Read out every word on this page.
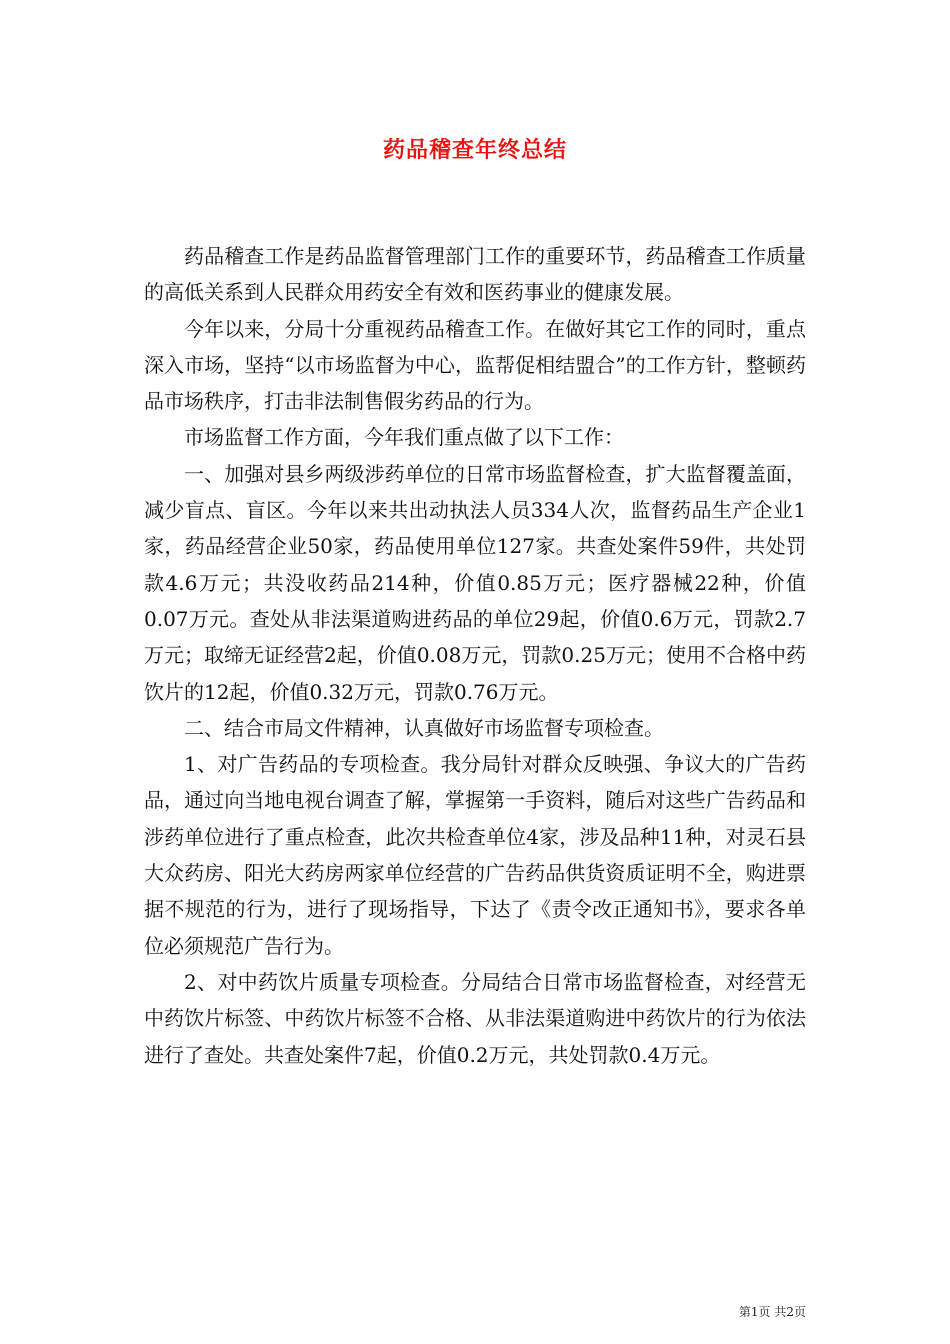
药品稽查年终总结

药品稽查工作是药品监督管理部门工作的重要环节，药品稽查工作质量的高低关系到人民群众用药安全有效和医药事业的健康发展。

今年以来，分局十分重视药品稽查工作。在做好其它工作的同时，重点深入市场，坚持“以市场监督为中心，监帮促相结盟合”的工作方针，整顿药品市场秩序，打击非法制售假劣药品的行为。

市场监督工作方面，今年我们重点做了以下工作：

一、加强对县乡两级涉药单位的日常市场监督检查，扩大监督覆盖面，减少盲点、盲区。今年以来共出动执法人员334人次，监督药品生产企业1家，药品经营企业50家，药品使用单位127家。共查处案件59件，共处罚款4.6万元；共没收药品214种，价值0.85万元；医疗器械22种，价值0.07万元。查处从非法渠道购进药品的单位29起，价值0.6万元，罚款2.7万元；取缔无证经营2起，价值0.08万元，罚款0.25万元；使用不合格中药饮片的12起，价值0.32万元，罚款0.76万元。

二、结合市局文件精神，认真做好市场监督专项检查。

1、对广告药品的专项检查。我分局针对群众反映强、争议大的广告药品，通过向当地电视台调查了解，掌握第一手资料，随后对这些广告药品和涉药单位进行了重点检查，此次共检查单位4家，涉及品种11种，对灵石县大众药房、阳光大药房两家单位经营的广告药品供货资质证明不全，购进票据不规范的行为，进行了现场指导，下达了《责令改正通知书》，要求各单位必须规范广告行为。

2、对中药饮片质量专项检查。分局结合日常市场监督检查，对经营无中药饮片标签、中药饮片标签不合格、从非法渠道购进中药饮片的行为依法进行了查处。共查处案件7起，价值0.2万元，共处罚款0.4万元。

第1页 共2页
